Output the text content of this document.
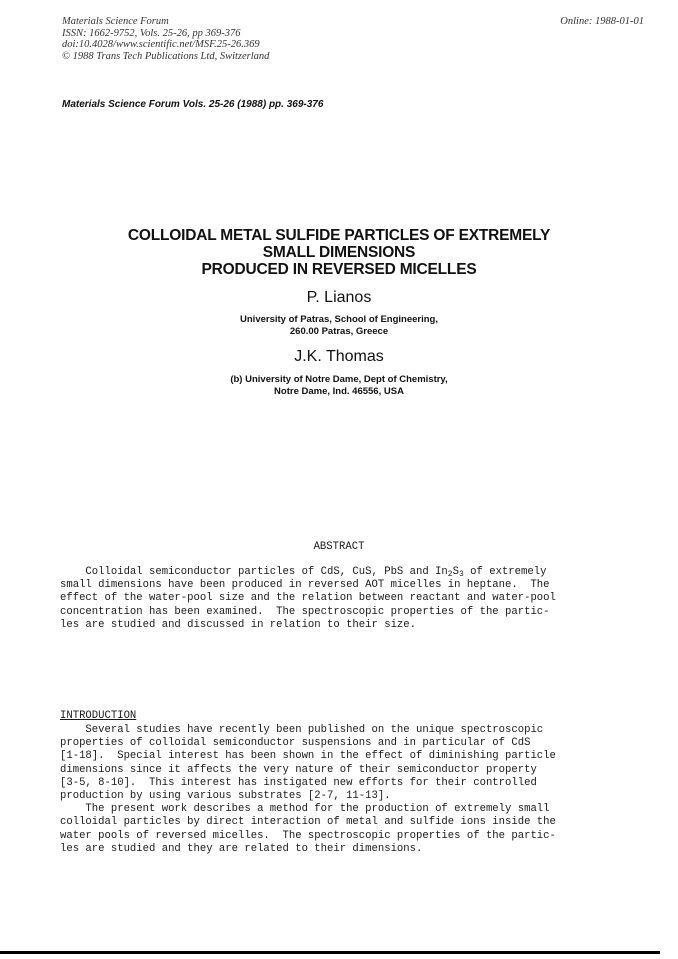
Materials Science Forum
ISSN: 1662-9752, Vols. 25-26, pp 369-376
doi:10.4028/www.scientific.net/MSF.25-26.369
© 1988 Trans Tech Publications Ltd, Switzerland
Online: 1988-01-01
Materials Science Forum Vols. 25-26 (1988) pp. 369-376
COLLOIDAL METAL SULFIDE PARTICLES OF EXTREMELY
SMALL DIMENSIONS
PRODUCED IN REVERSED MICELLES
P. Lianos
University of Patras, School of Engineering,
260.00 Patras, Greece
J.K. Thomas
(b) University of Notre Dame, Dept of Chemistry,
Notre Dame, Ind. 46556, USA
ABSTRACT
Colloidal semiconductor particles of CdS, CuS, PbS and $In_2S_3$ of extremely
small dimensions have been produced in reversed AOT micelles in heptane.  The
effect of the water-pool size and the relation between reactant and water-pool
concentration has been examined.  The spectroscopic properties of the partic-
les are studied and discussed in relation to their size.
INTRODUCTION
Several studies have recently been published on the unique spectroscopic
properties of colloidal semiconductor suspensions and in particular of CdS
[1-18].  Special interest has been shown in the effect of diminishing particle
dimensions since it affects the very nature of their semiconductor property
[3-5, 8-10].  This interest has instigated new efforts for their controlled
production by using various substrates [2-7, 11-13].
The present work describes a method for the production of extremely small
colloidal particles by direct interaction of metal and sulfide ions inside the
water pools of reversed micelles.  The spectroscopic properties of the partic-
les are studied and they are related to their dimensions.
